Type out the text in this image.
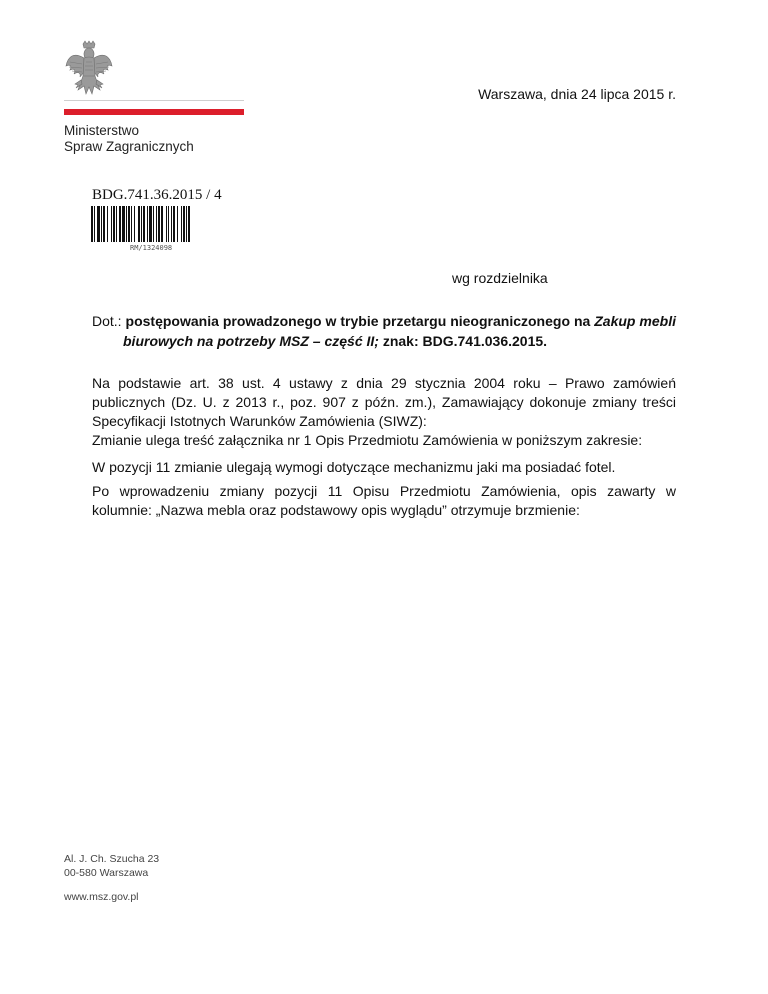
Ministerstwo
Spraw Zagranicznych
Warszawa, dnia 24 lipca 2015 r.
BDG.741.36.2015 / 4
RM/1324098
wg rozdzielnika
Dot.: postępowania prowadzonego w trybie przetargu nieograniczonego na Zakup mebli
biurowych na potrzeby MSZ – część II; znak: BDG.741.036.2015.
Na podstawie art. 38 ust. 4 ustawy z dnia 29 stycznia 2004 roku – Prawo zamówień
publicznych (Dz. U. z 2013 r., poz. 907 z późn. zm.), Zamawiający dokonuje zmiany treści
Specyfikacji Istotnych Warunków Zamówienia (SIWZ):
Zmianie ulega treść załącznika nr 1 Opis Przedmiotu Zamówienia w poniższym zakresie:
W pozycji 11 zmianie ulegają wymogi dotyczące mechanizmu jaki ma posiadać fotel.
Po wprowadzeniu zmiany pozycji 11 Opisu Przedmiotu Zamówienia, opis zawarty w
kolumnie: „Nazwa mebla oraz podstawowy opis wyglądu” otrzymuje brzmienie:
Al. J. Ch. Szucha 23
00-580 Warszawa
www.msz.gov.pl
